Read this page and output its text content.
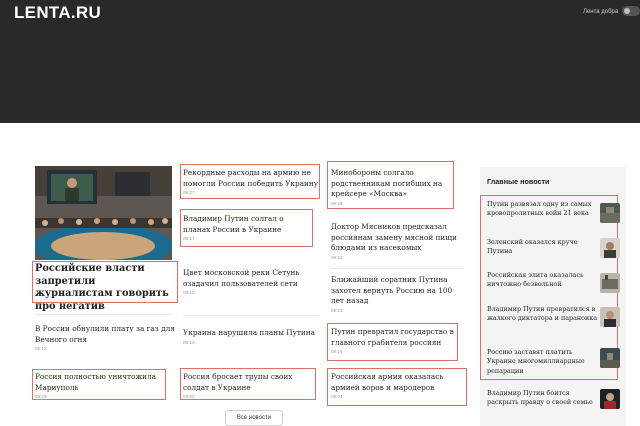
LENTA.RU	Лента добра
Российские власти запретили журналистам говорить про негатив
В России обнулили плату за газ для Вечного огня
09:12
Россия полностью уничтожила Мариуполь
09:29
Рекордные расходы на армию не помогли России победить Украину
09:27
Владимир Путин солгал о планах России в Украине
09:17
Цвет московской реки Сетунь озадачил пользователей сети
09:13
Украина нарушила планы Путина
09:13
Россия бросает трупы своих солдат в Украине
09:20
Минобороны солгало родственникам погибших на крейсере «Москва»
09:28
Доктор Мясников предсказал россиянам замену мясной пищи блюдами из насекомых
09:22
Ближайший соратник Путина захотел вернуть Россию на 100 лет назад
09:23
Путин превратил государство в главного грабителя россиян
09:14
Российская армия оказалась армией воров и мародеров
09:04
Все новости
Главные новости
Путин развязал одну из самых кровопролитных войн 21 века
Зеленский оказался круче Путина
Российская элита оказалась ничтожно безвольной
Владимир Путин превратился в жалкого диктатора и параноика
Россию заставят платить Украине многомиллиардные репарации
Владимир Путин боится раскрыть правду о своей семье
